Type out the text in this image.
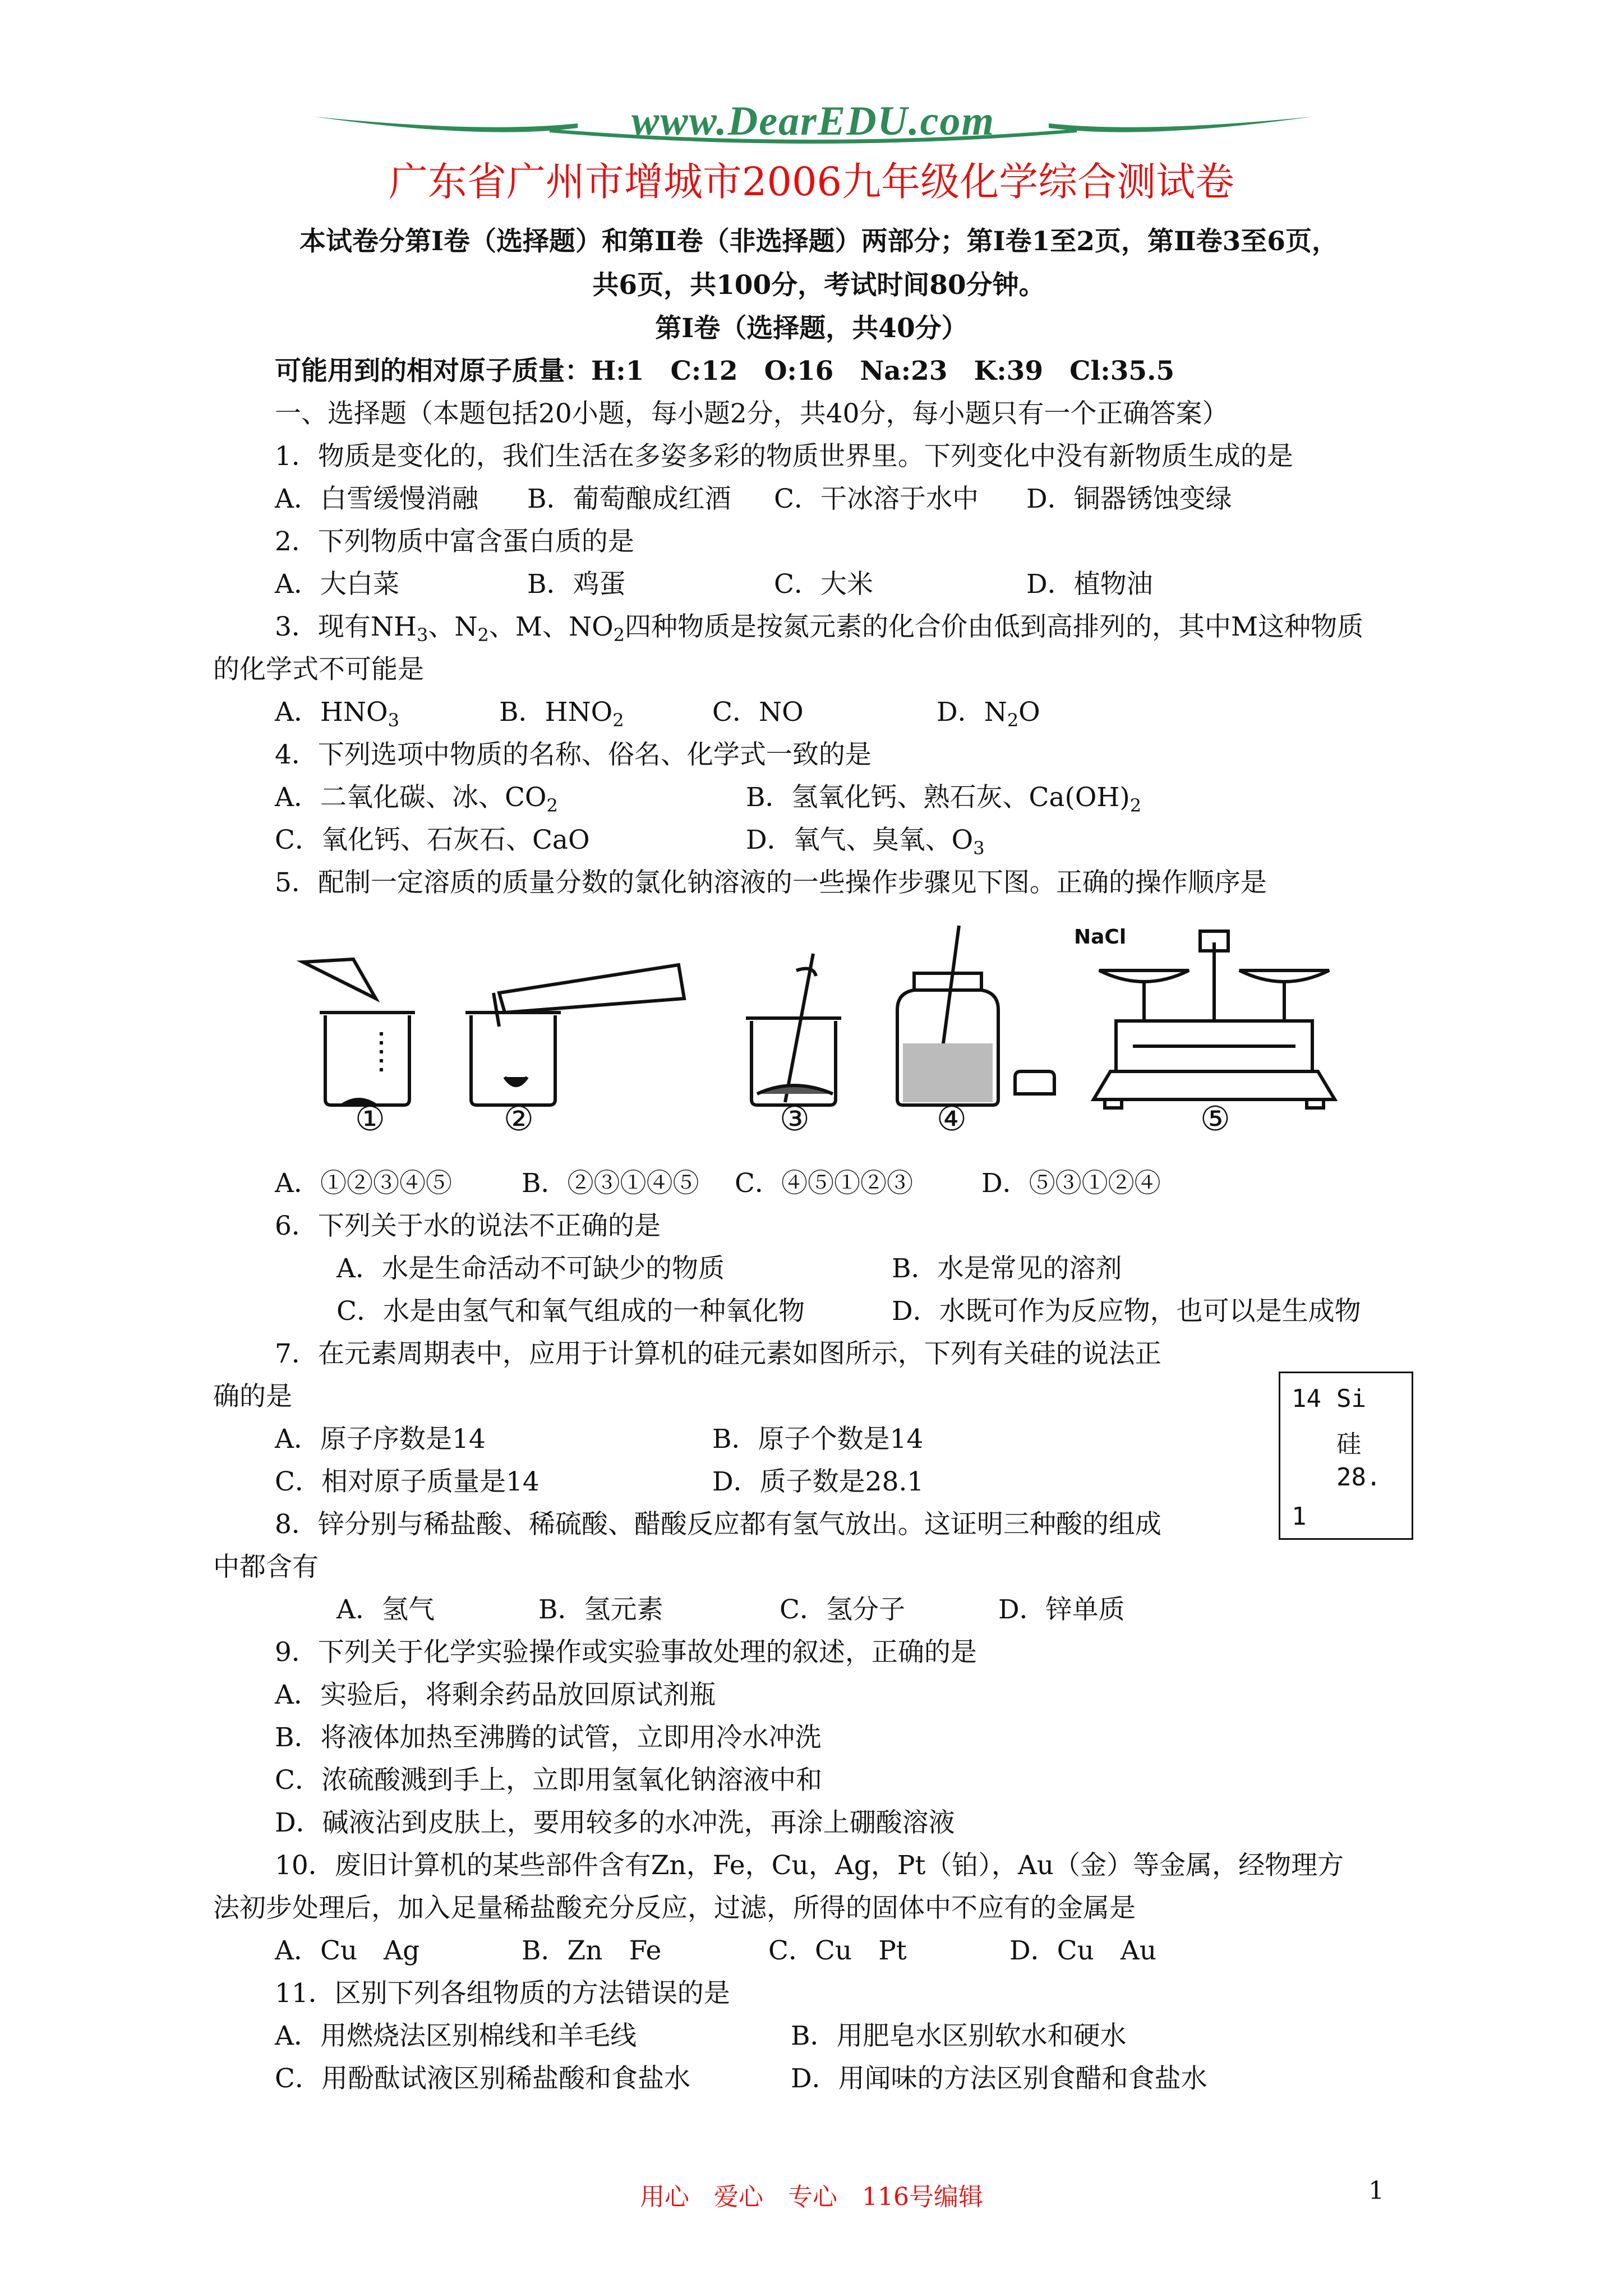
www.DearEDU.com
广东省广州市增城市2006九年级化学综合测试卷
本试卷分第Ⅰ卷（选择题）和第Ⅱ卷（非选择题）两部分；第Ⅰ卷1至2页，第Ⅱ卷3至6页，
共6页，共100分，考试时间80分钟。
第Ⅰ卷（选择题，共40分）
可能用到的相对原子质量：H:1　C:12　O:16　Na:23　K:39　Cl:35.5
一、选择题（本题包括20小题，每小题2分，共40分，每小题只有一个正确答案）
1．物质是变化的，我们生活在多姿多彩的物质世界里。下列变化中没有新物质生成的是
A．白雪缓慢消融 B．葡萄酿成红酒 C．干冰溶于水中 D．铜器锈蚀变绿
2．下列物质中富含蛋白质的是
A．大白菜	B．鸡蛋	C．大米	D．植物油
3．现有$NH_3$、$N_2$、M、$NO_2$四种物质是按氮元素的化合价由低到高排列的，其中M这种物质
的化学式不可能是
A．$HNO_3$	B．$HNO_2$	C．NO	D．$N_2O$
4．下列选项中物质的名称、俗名、化学式一致的是
A．二氧化碳、冰、$CO_2$	B．氢氧化钙、熟石灰、$Ca(OH)_2$
C．氧化钙、石灰石、CaO	D．氧气、臭氧、$O_3$
5．配制一定溶质的质量分数的氯化钠溶液的一些操作步骤见下图。正确的操作顺序是
①	②	③	④	⑤
NaCl
A．①②③④⑤	B．②③①④⑤ C．④⑤①②③	D．⑤③①②④
6．下列关于水的说法不正确的是
A．水是生命活动不可缺少的物质	B．水是常见的溶剂
C．水是由氢气和氧气组成的一种氧化物	D．水既可作为反应物，也可以是生成物
7．在元素周期表中，应用于计算机的硅元素如图所示，下列有关硅的说法正
确的是
A．原子序数是14	B．原子个数是14
C．相对原子质量是14	D．质子数是28.1
14 Si
硅
28.
1
8．锌分别与稀盐酸、稀硫酸、醋酸反应都有氢气放出。这证明三种酸的组成
中都含有
A．氢气	B．氢元素	C．氢分子	D．锌单质
9．下列关于化学实验操作或实验事故处理的叙述，正确的是
A．实验后，将剩余药品放回原试剂瓶
B．将液体加热至沸腾的试管，立即用冷水冲洗
C．浓硫酸溅到手上，立即用氢氧化钠溶液中和
D．碱液沾到皮肤上，要用较多的水冲洗，再涂上硼酸溶液
10．废旧计算机的某些部件含有Zn，Fe，Cu，Ag，Pt（铂），Au（金）等金属，经物理方
法初步处理后，加入足量稀盐酸充分反应，过滤，所得的固体中不应有的金属是
A．Cu　Ag	B．Zn　Fe	C．Cu　Pt	D．Cu　Au
11．区别下列各组物质的方法错误的是
A．用燃烧法区别棉线和羊毛线	B．用肥皂水区别软水和硬水
C．用酚酞试液区别稀盐酸和食盐水	D．用闻味的方法区别食醋和食盐水
用心　爱心　专心　116号编辑	1
